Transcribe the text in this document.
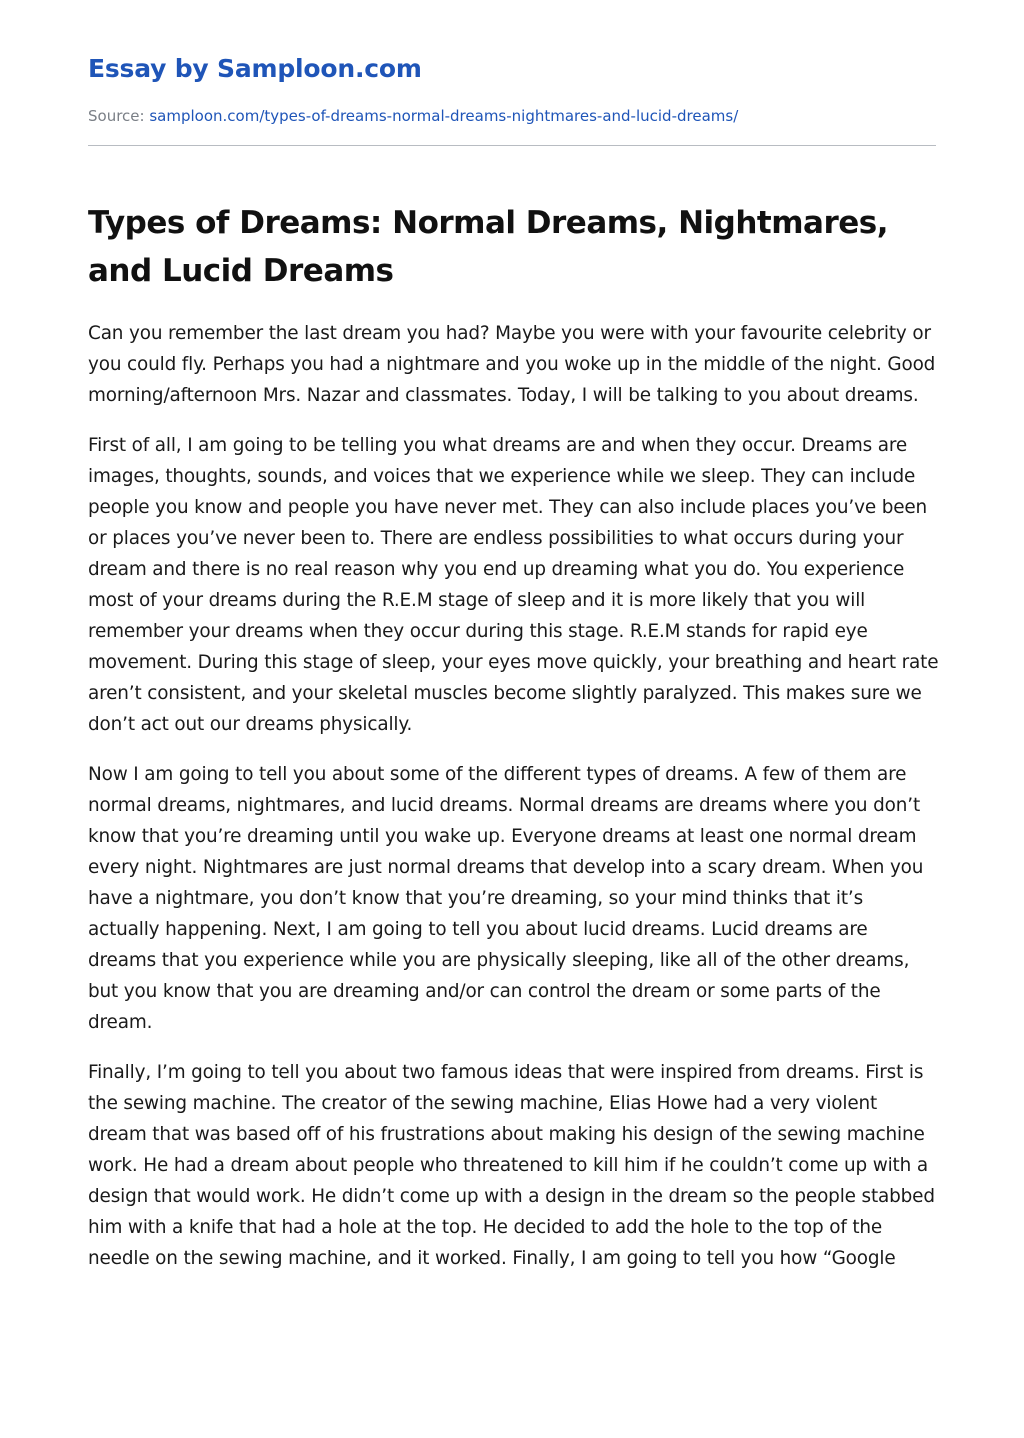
Essay by Samploon.com
Source: samploon.com/types-of-dreams-normal-dreams-nightmares-and-lucid-dreams/
Types of Dreams: Normal Dreams, Nightmares, and Lucid Dreams

Can you remember the last dream you had? Maybe you were with your favourite celebrity or you could fly. Perhaps you had a nightmare and you woke up in the middle of the night. Good morning/afternoon Mrs. Nazar and classmates. Today, I will be talking to you about dreams.

First of all, I am going to be telling you what dreams are and when they occur. Dreams are images, thoughts, sounds, and voices that we experience while we sleep. They can include people you know and people you have never met. They can also include places you’ve been or places you’ve never been to. There are endless possibilities to what occurs during your dream and there is no real reason why you end up dreaming what you do. You experience most of your dreams during the R.E.M stage of sleep and it is more likely that you will remember your dreams when they occur during this stage. R.E.M stands for rapid eye movement. During this stage of sleep, your eyes move quickly, your breathing and heart rate aren’t consistent, and your skeletal muscles become slightly paralyzed. This makes sure we don’t act out our dreams physically.

Now I am going to tell you about some of the different types of dreams. A few of them are normal dreams, nightmares, and lucid dreams. Normal dreams are dreams where you don’t know that you’re dreaming until you wake up. Everyone dreams at least one normal dream every night. Nightmares are just normal dreams that develop into a scary dream. When you have a nightmare, you don’t know that you’re dreaming, so your mind thinks that it’s actually happening. Next, I am going to tell you about lucid dreams. Lucid dreams are dreams that you experience while you are physically sleeping, like all of the other dreams, but you know that you are dreaming and/or can control the dream or some parts of the dream.

Finally, I’m going to tell you about two famous ideas that were inspired from dreams. First is the sewing machine. The creator of the sewing machine, Elias Howe had a very violent dream that was based off of his frustrations about making his design of the sewing machine work. He had a dream about people who threatened to kill him if he couldn’t come up with a design that would work. He didn’t come up with a design in the dream so the people stabbed him with a knife that had a hole at the top. He decided to add the hole to the top of the needle on the sewing machine, and it worked. Finally, I am going to tell you how “Google
